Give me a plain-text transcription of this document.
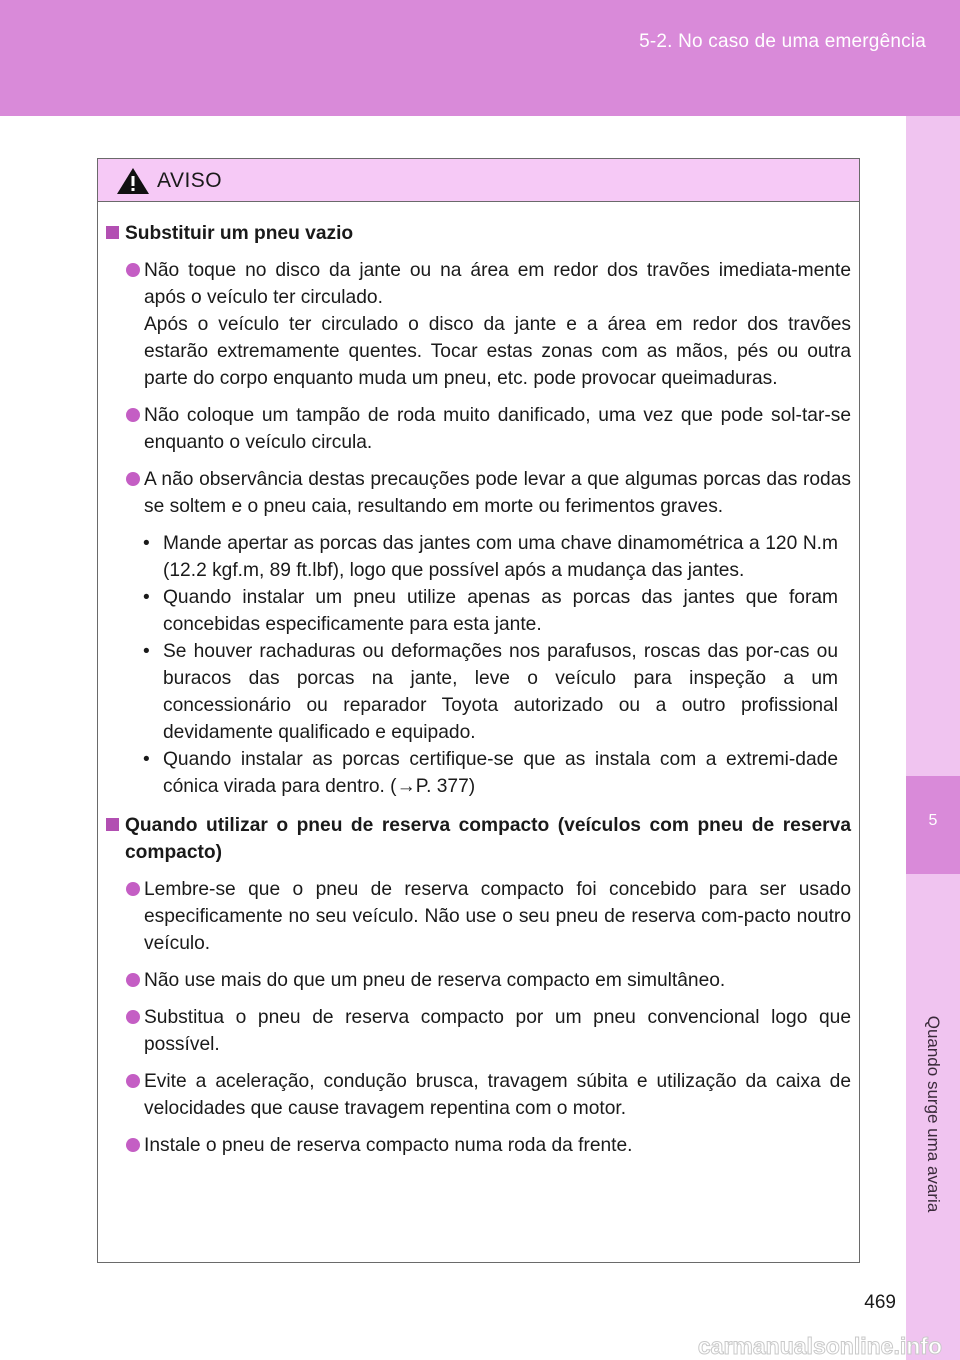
5-2. No caso de uma emergência
5
Quando surge uma avaria
AVISO
Substituir um pneu vazio

Não toque no disco da jante ou na área em redor dos travões imediata-mente após o veículo ter circulado.

Após o veículo ter circulado o disco da jante e a área em redor dos travões estarão extremamente quentes. Tocar estas zonas com as mãos, pés ou outra parte do corpo enquanto muda um pneu, etc. pode provocar queimaduras.

Não coloque um tampão de roda muito danificado, uma vez que pode sol-tar-se enquanto o veículo circula.

A não observância destas precauções pode levar a que algumas porcas das rodas se soltem e o pneu caia, resultando em morte ou ferimentos graves.

• Mande apertar as porcas das jantes com uma chave dinamométrica a 120 N.m (12.2 kgf.m, 89 ft.lbf), logo que possível após a mudança das jantes.
• Quando instalar um pneu utilize apenas as porcas das jantes que foram concebidas especificamente para esta jante.
• Se houver rachaduras ou deformações nos parafusos, roscas das por-cas ou buracos das porcas na jante, leve o veículo para inspeção a um concessionário ou reparador Toyota autorizado ou a outro profissional devidamente qualificado e equipado.
• Quando instalar as porcas certifique-se que as instala com a extremi-dade cónica virada para dentro. (→P. 377)
Quando utilizar o pneu de reserva compacto (veículos com pneu de reserva compacto)

Lembre-se que o pneu de reserva compacto foi concebido para ser usado especificamente no seu veículo. Não use o seu pneu de reserva com-pacto noutro veículo.

Não use mais do que um pneu de reserva compacto em simultâneo.

Substitua o pneu de reserva compacto por um pneu convencional logo que possível.

Evite a aceleração, condução brusca, travagem súbita e utilização da caixa de velocidades que cause travagem repentina com o motor.

Instale o pneu de reserva compacto numa roda da frente.

469
carmanualsonline.info
